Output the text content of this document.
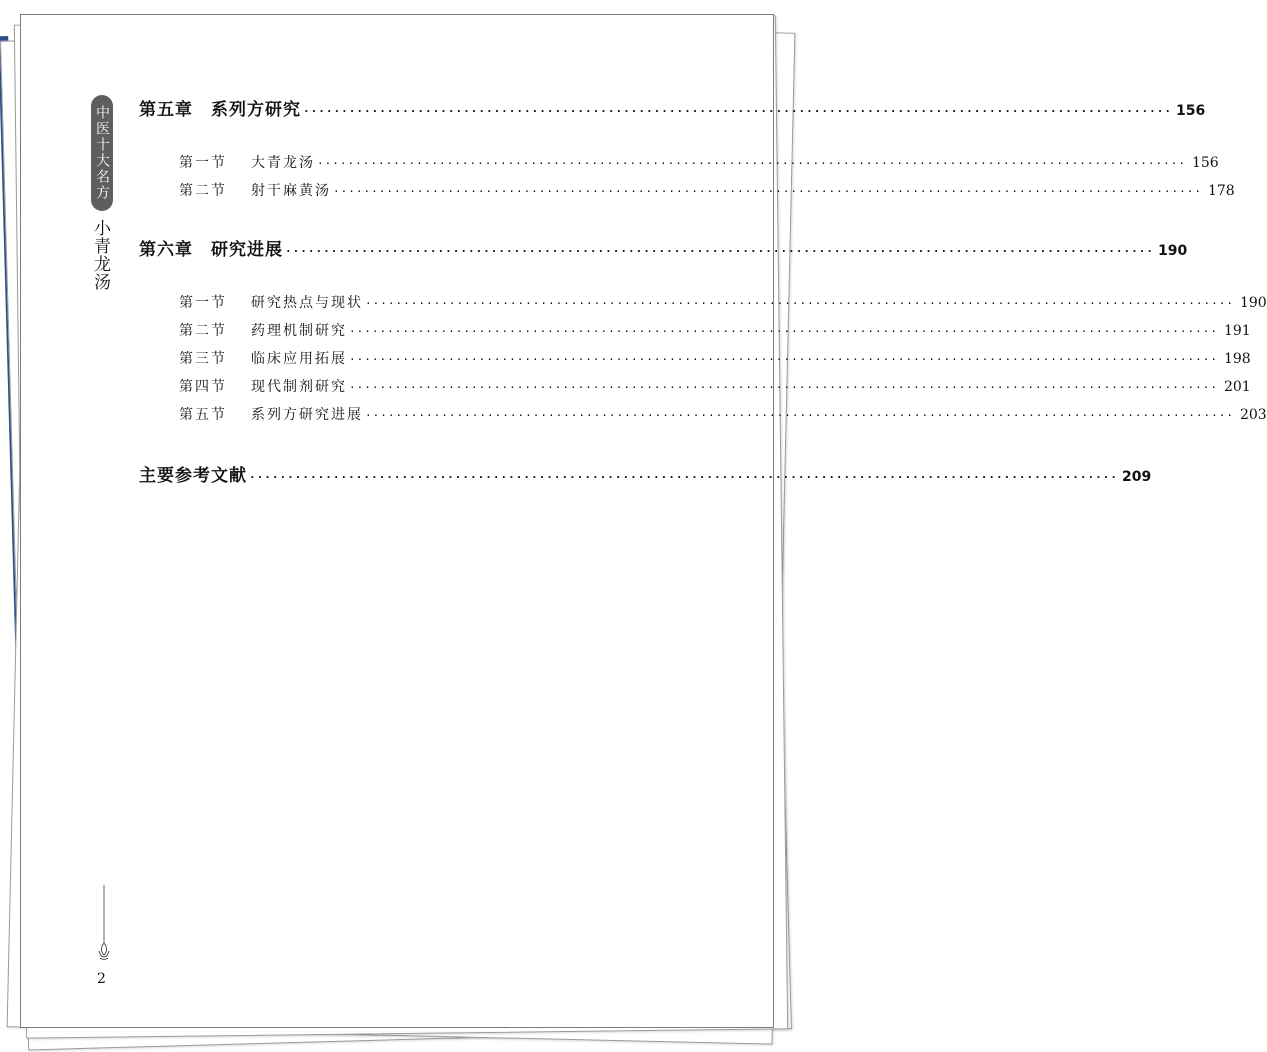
中医十大名方
小青龙汤
第五章　系列方研究 ·················································································································· 156
第一节 大青龙汤 ·················································································································· 156
第二节 射干麻黄汤 ·················································································································· 178
第六章　研究进展 ·················································································································· 190
第一节 研究热点与现状 ·················································································································· 190
第二节 药理机制研究 ·················································································································· 191
第三节 临床应用拓展 ·················································································································· 198
第四节 现代制剂研究 ·················································································································· 201
第五节 系列方研究进展 ·················································································································· 203
主要参考文献 ·················································································································· 209
2
